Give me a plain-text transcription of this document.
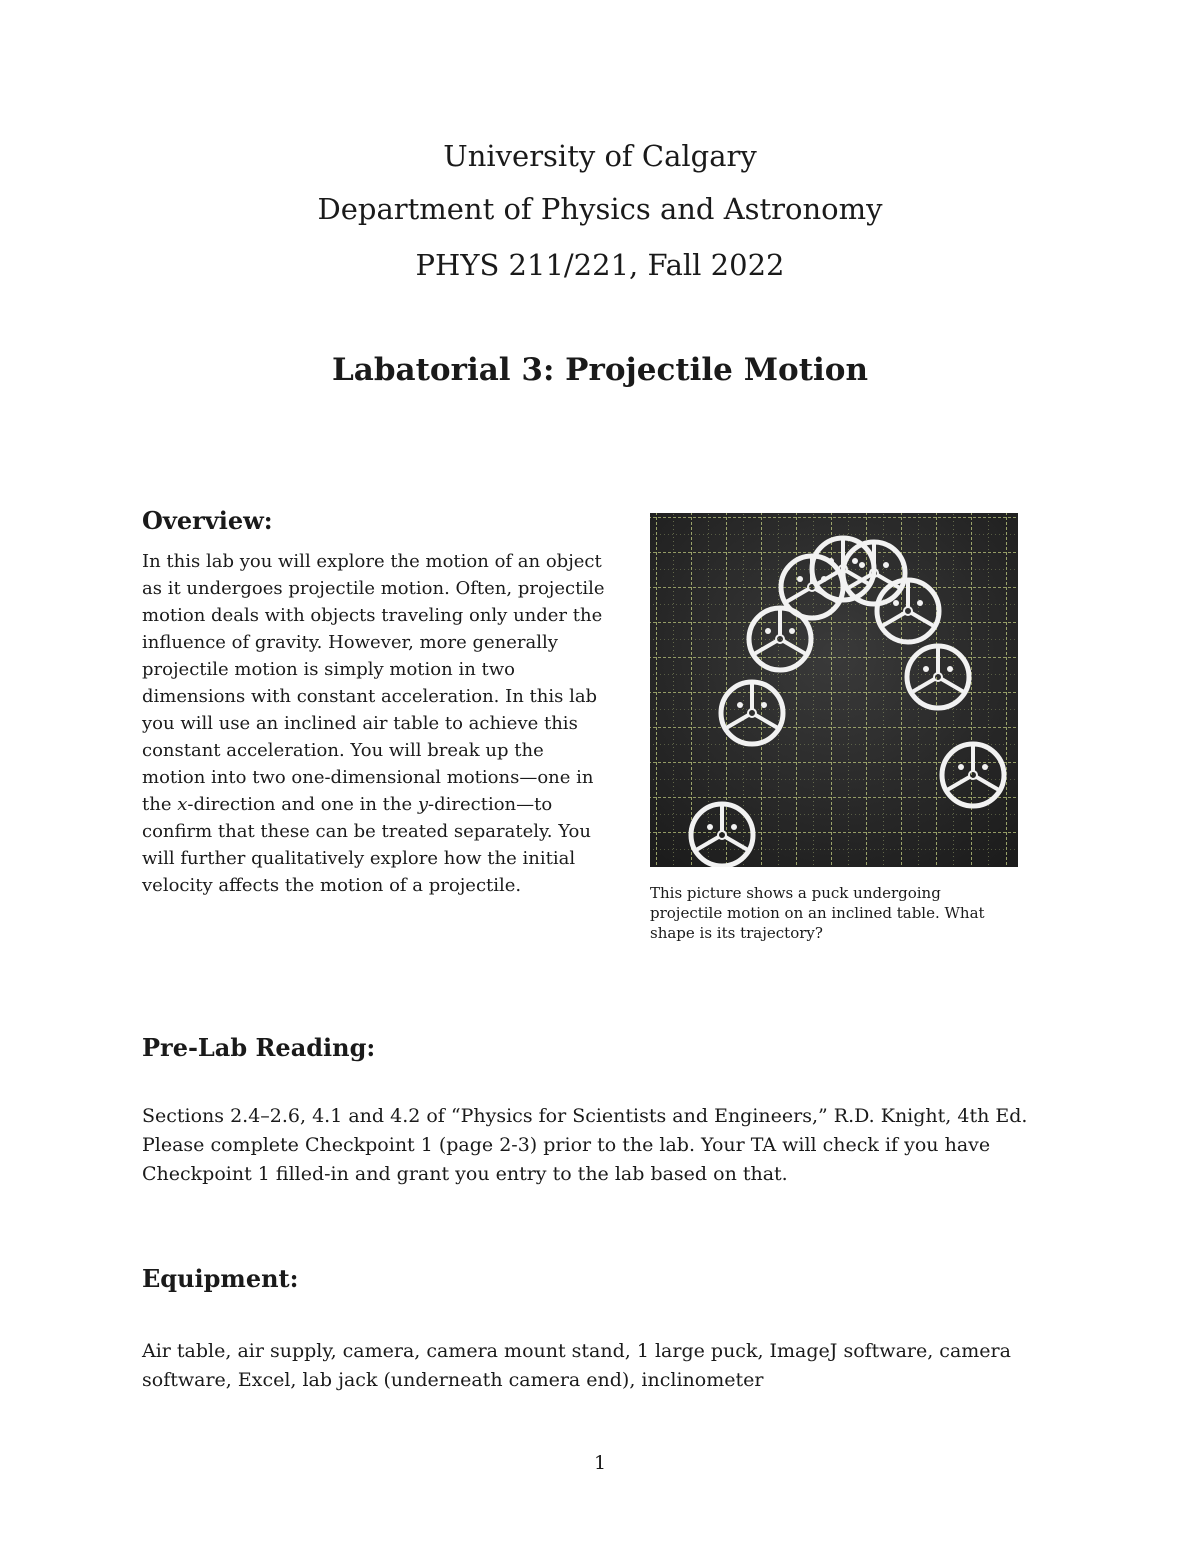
University of Calgary
Department of Physics and Astronomy
PHYS 211/221, Fall 2022
Labatorial 3: Projectile Motion
Overview:

In this lab you will explore the motion of an object as it undergoes projectile motion. Often, projectile motion deals with objects traveling only under the influence of gravity. However, more generally projectile motion is simply motion in two dimensions with constant acceleration. In this lab you will use an inclined air table to achieve this constant acceleration. You will break up the motion into two one-dimensional motions—one in the x-direction and one in the y-direction—to confirm that these can be treated separately. You will further qualitatively explore how the initial velocity affects the motion of a projectile.	This picture shows a puck undergoing projectile motion on an inclined table. What shape is its trajectory?

Pre-Lab Reading:

Sections 2.4–2.6, 4.1 and 4.2 of “Physics for Scientists and Engineers,” R.D. Knight, 4th Ed. Please complete Checkpoint 1 (page 2-3) prior to the lab. Your TA will check if you have Checkpoint 1 filled-in and grant you entry to the lab based on that.

Equipment:

Air table, air supply, camera, camera mount stand, 1 large puck, ImageJ software, camera software, Excel, lab jack (underneath camera end), inclinometer

1
